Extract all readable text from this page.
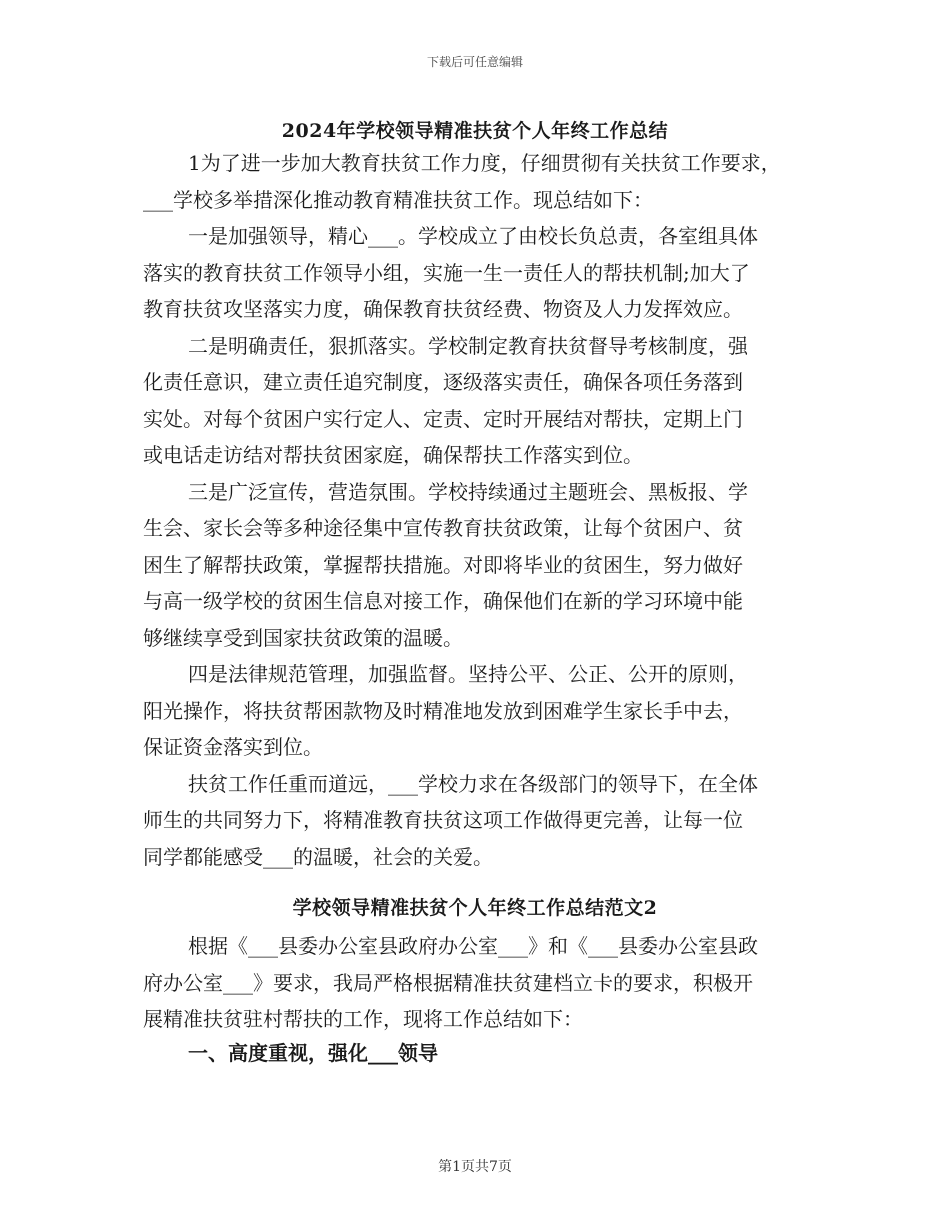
下载后可任意编辑
2024年学校领导精准扶贫个人年终工作总结
1为了进一步加大教育扶贫工作力度，仔细贯彻有关扶贫工作要求，
___学校多举措深化推动教育精准扶贫工作。现总结如下：
一是加强领导，精心___。学校成立了由校长负总责，各室组具体
落实的教育扶贫工作领导小组，实施一生一责任人的帮扶机制;加大了
教育扶贫攻坚落实力度，确保教育扶贫经费、物资及人力发挥效应。
二是明确责任，狠抓落实。学校制定教育扶贫督导考核制度，强
化责任意识，建立责任追究制度，逐级落实责任，确保各项任务落到
实处。对每个贫困户实行定人、定责、定时开展结对帮扶，定期上门
或电话走访结对帮扶贫困家庭，确保帮扶工作落实到位。
三是广泛宣传，营造氛围。学校持续通过主题班会、黑板报、学
生会、家长会等多种途径集中宣传教育扶贫政策，让每个贫困户、贫
困生了解帮扶政策，掌握帮扶措施。对即将毕业的贫困生，努力做好
与高一级学校的贫困生信息对接工作，确保他们在新的学习环境中能
够继续享受到国家扶贫政策的温暖。
四是法律规范管理，加强监督。坚持公平、公正、公开的原则，
阳光操作，将扶贫帮困款物及时精准地发放到困难学生家长手中去，
保证资金落实到位。
扶贫工作任重而道远，___学校力求在各级部门的领导下，在全体
师生的共同努力下，将精准教育扶贫这项工作做得更完善，让每一位
同学都能感受___的温暖，社会的关爱。
学校领导精准扶贫个人年终工作总结范文2
根据《___县委办公室县政府办公室___》和《___县委办公室县政
府办公室___》要求，我局严格根据精准扶贫建档立卡的要求，积极开
展精准扶贫驻村帮扶的工作，现将工作总结如下：
一、高度重视，强化___领导
第1页共7页
